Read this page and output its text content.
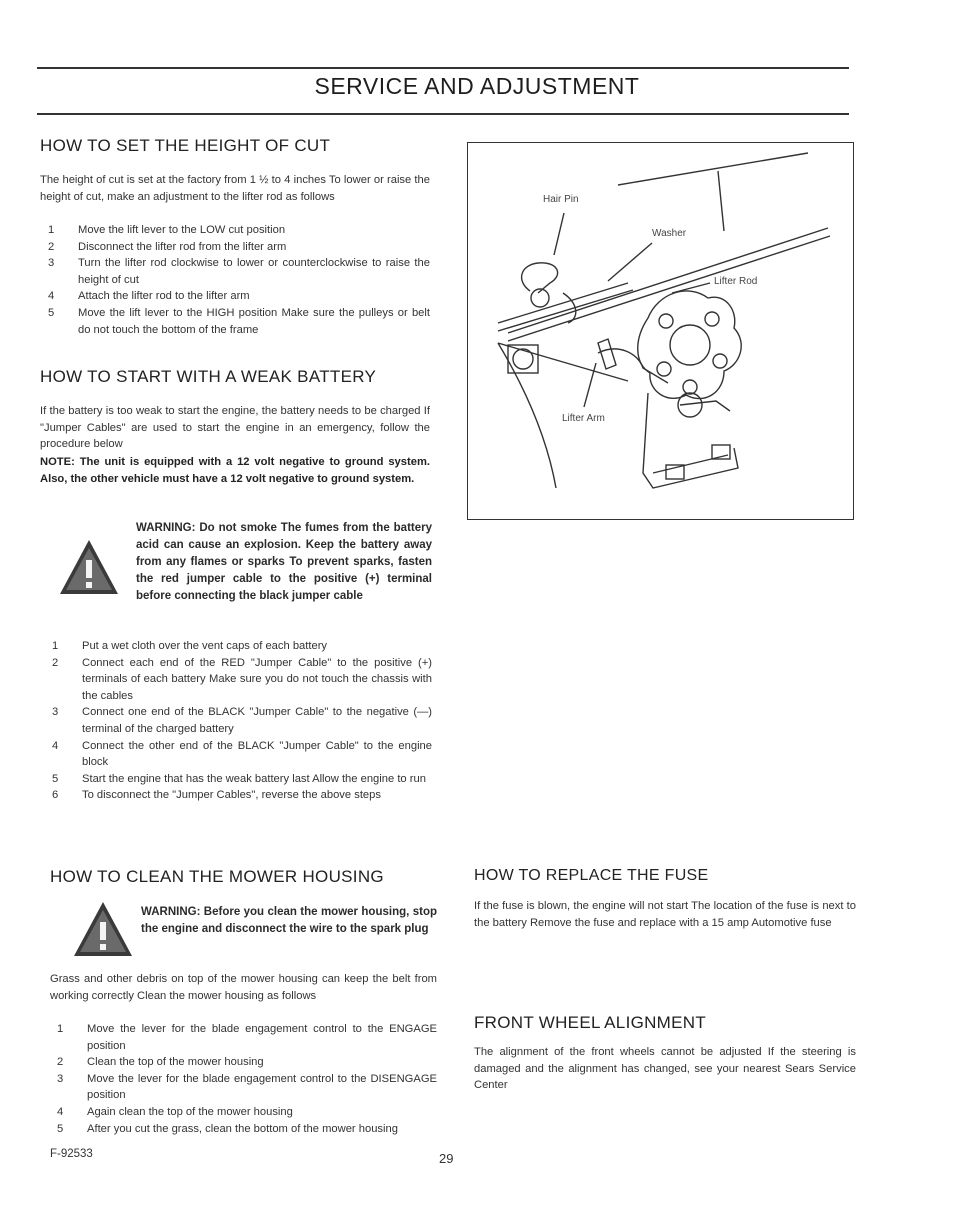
SERVICE AND ADJUSTMENT
HOW TO SET THE HEIGHT OF CUT

The height of cut is set at the factory from 1 ½ to 4 inches To lower or raise the height of cut, make an adjustment to the lifter rod as follows

1 Move the lift lever to the LOW cut position
2 Disconnect the lifter rod from the lifter arm
3 Turn the lifter rod clockwise to lower or counterclockwise to raise the height of cut
4 Attach the lifter rod to the lifter arm
5 Move the lift lever to the HIGH position Make sure the pulleys or belt do not touch the bottom of the frame
HOW TO START WITH A WEAK BATTERY

If the battery is too weak to start the engine, the battery needs to be charged If "Jumper Cables" are used to start the engine in an emergency, follow the procedure below

NOTE: The unit is equipped with a 12 volt negative to ground system. Also, the other vehicle must have a 12 volt negative to ground system.

WARNING: Do not smoke The fumes from the battery acid can cause an explosion. Keep the battery away from any flames or sparks To prevent sparks, fasten the red jumper cable to the positive (+) terminal before connecting the black jumper cable

1 Put a wet cloth over the vent caps of each battery
2 Connect each end of the RED "Jumper Cable" to the positive (+) terminals of each battery Make sure you do not touch the chassis with the cables
3 Connect one end of the BLACK "Jumper Cable" to the negative (—) terminal of the charged battery
4 Connect the other end of the BLACK "Jumper Cable" to the engine block
5 Start the engine that has the weak battery last Allow the engine to run
6 To disconnect the "Jumper Cables", reverse the above steps
Hair Pin
Washer
Lifter Rod
Lifter Arm
HOW TO CLEAN THE MOWER HOUSING

WARNING: Before you clean the mower housing, stop the engine and disconnect the wire to the spark plug

Grass and other debris on top of the mower housing can keep the belt from working correctly Clean the mower housing as follows

1 Move the lever for the blade engagement control to the ENGAGE position
2 Clean the top of the mower housing
3 Move the lever for the blade engagement control to the DISENGAGE position
4 Again clean the top of the mower housing
5 After you cut the grass, clean the bottom of the mower housing
HOW TO REPLACE THE FUSE

If the fuse is blown, the engine will not start The location of the fuse is next to the battery Remove the fuse and replace with a 15 amp Automotive fuse

FRONT WHEEL ALIGNMENT

The alignment of the front wheels cannot be adjusted If the steering is damaged and the alignment has changed, see your nearest Sears Service Center

F-92533	29
